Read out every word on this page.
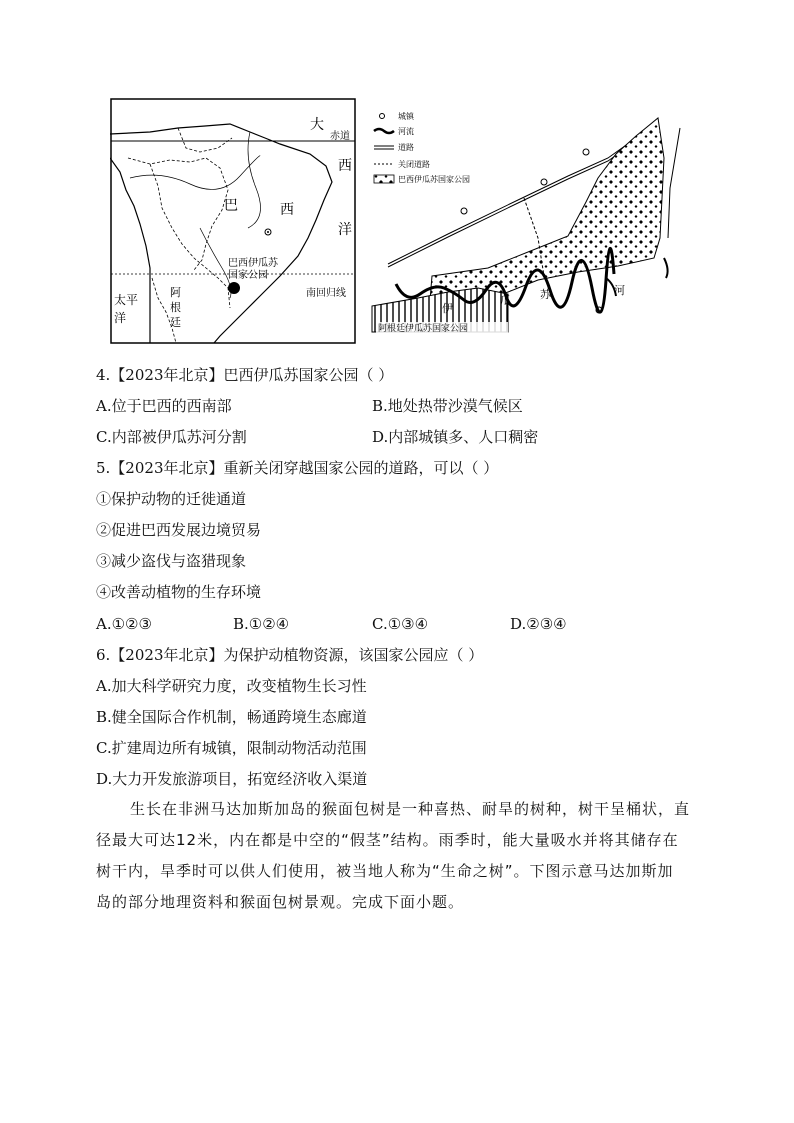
大
赤道
西
洋
巴	西
巴西伊瓜苏
国家公园
太平
洋
阿
根
廷
南回归线
城镇
河流
道路
关闭道路
巴西伊瓜苏国家公园
伊
瓜	苏	河
阿根廷伊瓜苏国家公园
4.【2023年北京】巴西伊瓜苏国家公园（ ）
A.位于巴西的西南部	B.地处热带沙漠气候区
C.内部被伊瓜苏河分割	D.内部城镇多、人口稠密
5.【2023年北京】重新关闭穿越国家公园的道路，可以（ ）
①保护动物的迁徙通道
②促进巴西发展边境贸易
③减少盗伐与盗猎现象
④改善动植物的生存环境
A.①②③	B.①②④	C.①③④	D.②③④
6.【2023年北京】为保护动植物资源，该国家公园应（ ）
A.加大科学研究力度，改变植物生长习性
B.健全国际合作机制，畅通跨境生态廊道
C.扩建周边所有城镇，限制动物活动范围
D.大力开发旅游项目，拓宽经济收入渠道

生长在非洲马达加斯加岛的猴面包树是一种喜热、耐旱的树种，树干呈桶状，直

径最大可达12米，内在都是中空的“假茎”结构。雨季时，能大量吸水并将其储存在

树干内，旱季时可以供人们使用，被当地人称为“生命之树”。下图示意马达加斯加

岛的部分地理资料和猴面包树景观。完成下面小题。
